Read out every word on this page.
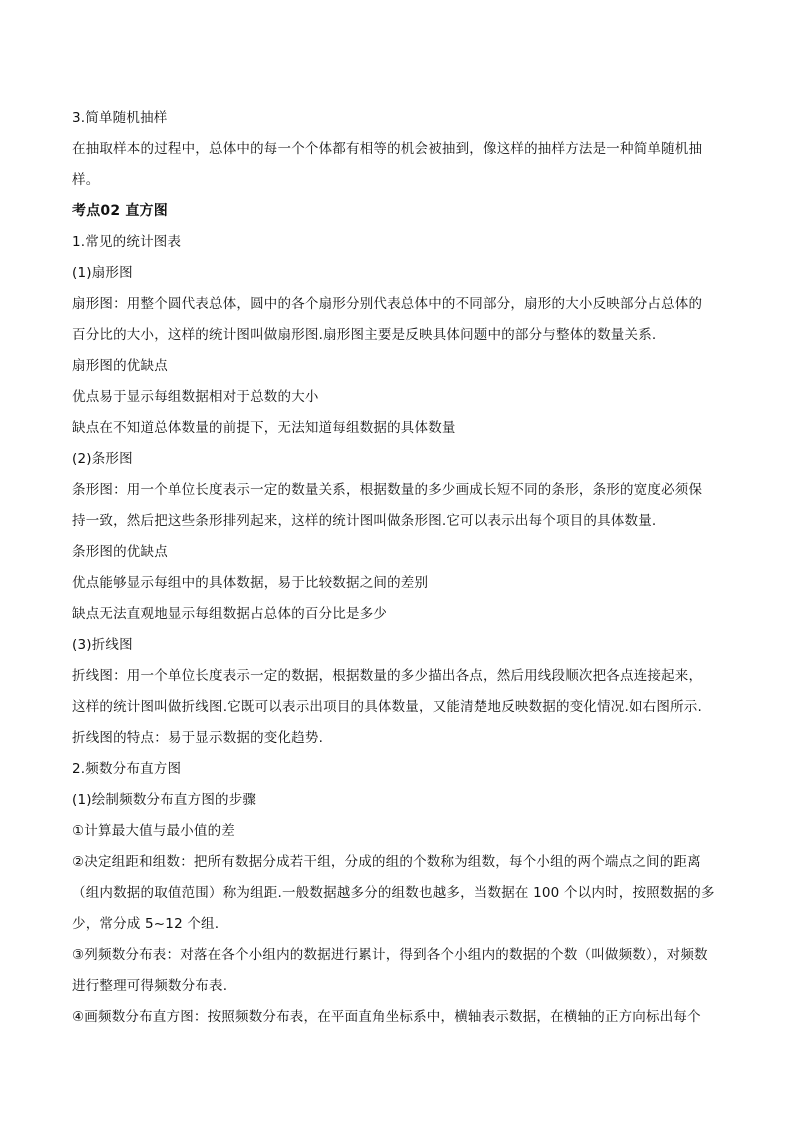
3.简单随机抽样
在抽取样本的过程中，总体中的每一个个体都有相等的机会被抽到，像这样的抽样方法是一种简单随机抽
样。
考点02 直方图
1.常见的统计图表
(1)扇形图
扇形图：用整个圆代表总体，圆中的各个扇形分别代表总体中的不同部分，扇形的大小反映部分占总体的
百分比的大小，这样的统计图叫做扇形图.扇形图主要是反映具体问题中的部分与整体的数量关系.
扇形图的优缺点
优点易于显示每组数据相对于总数的大小
缺点在不知道总体数量的前提下，无法知道每组数据的具体数量
(2)条形图
条形图：用一个单位长度表示一定的数量关系，根据数量的多少画成长短不同的条形，条形的宽度必须保
持一致，然后把这些条形排列起来，这样的统计图叫做条形图.它可以表示出每个项目的具体数量.
条形图的优缺点
优点能够显示每组中的具体数据，易于比较数据之间的差别
缺点无法直观地显示每组数据占总体的百分比是多少
(3)折线图
折线图：用一个单位长度表示一定的数据，根据数量的多少描出各点，然后用线段顺次把各点连接起来，
这样的统计图叫做折线图.它既可以表示出项目的具体数量，又能清楚地反映数据的变化情况.如右图所示.
折线图的特点：易于显示数据的变化趋势.
2.频数分布直方图
(1)绘制频数分布直方图的步骤
①计算最大值与最小值的差
②决定组距和组数：把所有数据分成若干组，分成的组的个数称为组数，每个小组的两个端点之间的距离
（组内数据的取值范围）称为组距.一般数据越多分的组数也越多，当数据在 100 个以内时，按照数据的多
少，常分成 5~12 个组.
③列频数分布表：对落在各个小组内的数据进行累计，得到各个小组内的数据的个数（叫做频数），对频数
进行整理可得频数分布表.
④画频数分布直方图：按照频数分布表，在平面直角坐标系中，横轴表示数据，在横轴的正方向标出每个
